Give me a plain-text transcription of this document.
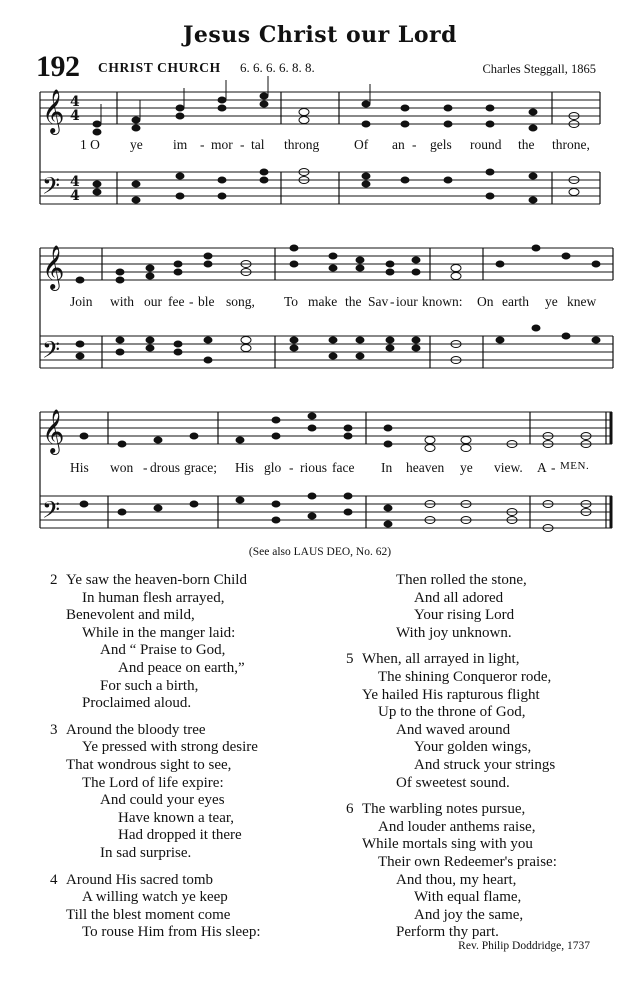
Jesus Christ our Lord
192 CHRIST CHURCH 6. 6. 6. 6. 8. 8.	Charles Steggall, 1865
𝄞
𝄢
4
4
4
4
𝄞
𝄢
𝄞
𝄢
1 O ye im - mor - tal throng	Of an - gels round the throne,
Join with our fee - ble song, To make the Sav - iour known: On earth ye knew
His won - drous grace; His glo - rious face In heaven ye view. A - MEN.
(See also LAUS DEO, No. 62)
2 Ye saw the heaven-born Child
In human flesh arrayed,
Benevolent and mild,
While in the manger laid:
And “ Praise to God,
And peace on earth,”
For such a birth,
Proclaimed aloud.
3 Around the bloody tree
Ye pressed with strong desire
That wondrous sight to see,
The Lord of life expire:
And could your eyes
Have known a tear,
Had dropped it there
In sad surprise.
4 Around His sacred tomb
A willing watch ye keep
Till the blest moment come
To rouse Him from His sleep:
Then rolled the stone,
And all adored
Your rising Lord
With joy unknown.
5 When, all arrayed in light,
The shining Conqueror rode,
Ye hailed His rapturous flight
Up to the throne of God,
And waved around
Your golden wings,
And struck your strings
Of sweetest sound.
6 The warbling notes pursue,
And louder anthems raise,
While mortals sing with you
Their own Redeemer's praise:
And thou, my heart,
With equal flame,
And joy the same,
Perform thy part.
Rev. Philip Doddridge, 1737
